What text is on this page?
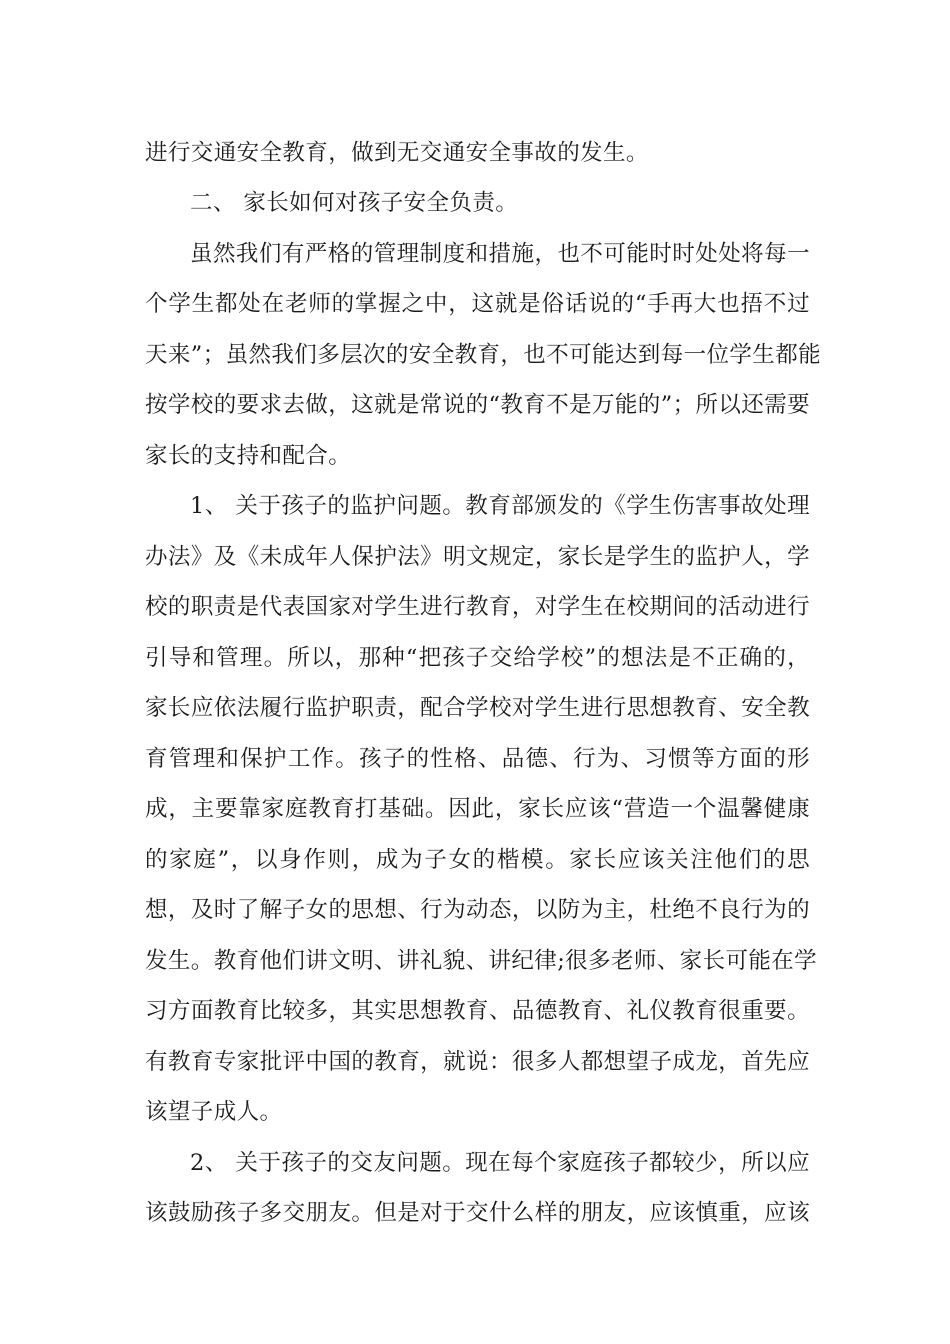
进行交通安全教育，做到无交通安全事故的发生。
二、 家长如何对孩子安全负责。
虽然我们有严格的管理制度和措施，也不可能时时处处将每一
个学生都处在老师的掌握之中，这就是俗话说的“手再大也捂不过
天来”；虽然我们多层次的安全教育，也不可能达到每一位学生都能
按学校的要求去做，这就是常说的“教育不是万能的”；所以还需要
家长的支持和配合。
1、 关于孩子的监护问题。教育部颁发的《学生伤害事故处理
办法》及《未成年人保护法》明文规定，家长是学生的监护人，学
校的职责是代表国家对学生进行教育，对学生在校期间的活动进行
引导和管理。所以，那种“把孩子交给学校”的想法是不正确的，
家长应依法履行监护职责，配合学校对学生进行思想教育、安全教
育管理和保护工作。孩子的性格、品德、行为、习惯等方面的形
成，主要靠家庭教育打基础。因此，家长应该“营造一个温馨健康
的家庭”，以身作则，成为子女的楷模。家长应该关注他们的思
想，及时了解子女的思想、行为动态，以防为主，杜绝不良行为的
发生。教育他们讲文明、讲礼貌、讲纪律;很多老师、家长可能在学
习方面教育比较多，其实思想教育、品德教育、礼仪教育很重要。
有教育专家批评中国的教育，就说：很多人都想望子成龙，首先应
该望子成人。
2、 关于孩子的交友问题。现在每个家庭孩子都较少，所以应
该鼓励孩子多交朋友。但是对于交什么样的朋友，应该慎重，应该
